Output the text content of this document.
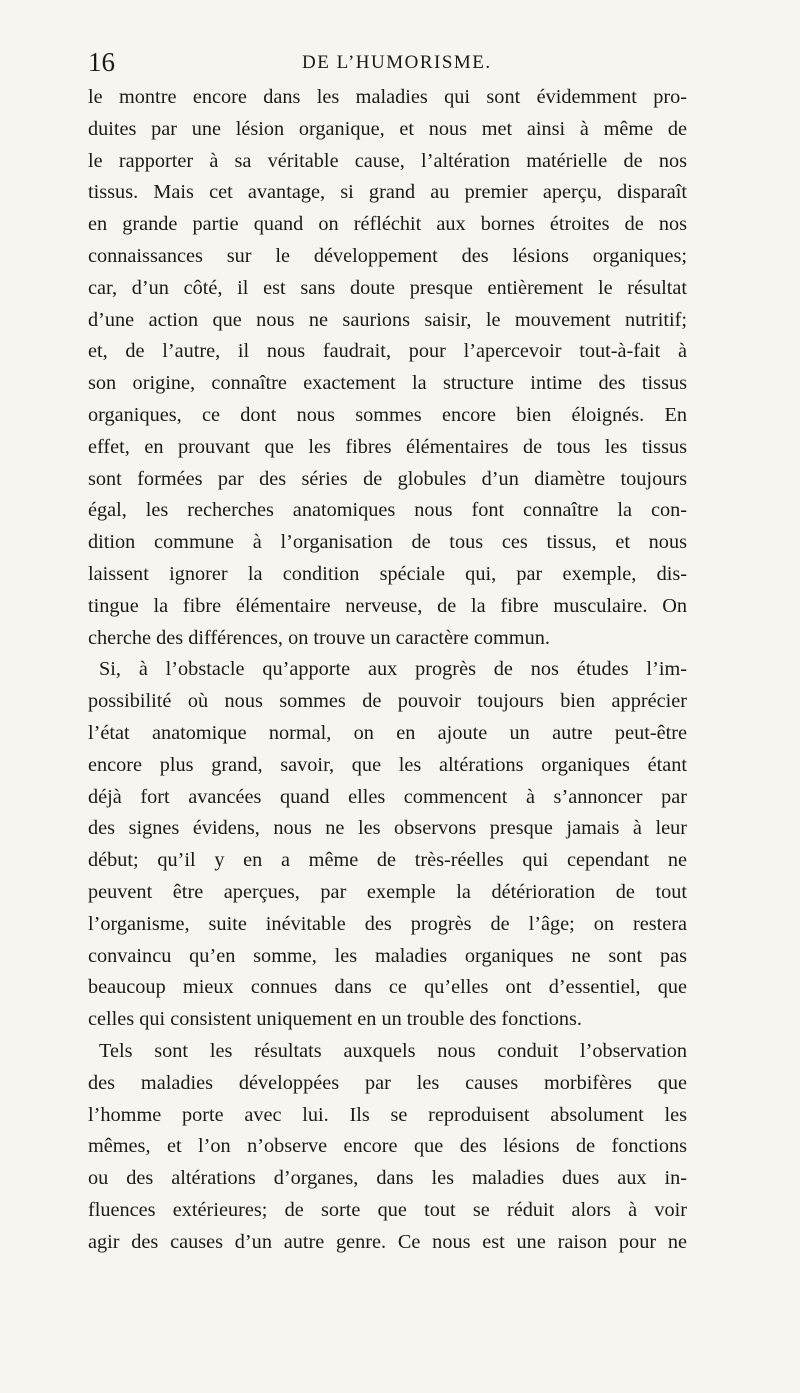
16	DE L’HUMORISME.
le montre encore dans les maladies qui sont évidemment pro-
duites par une lésion organique, et nous met ainsi à même de
le rapporter à sa véritable cause, l’altération matérielle de nos
tissus. Mais cet avantage, si grand au premier aperçu, disparaît
en grande partie quand on réfléchit aux bornes étroites de nos
connaissances sur le développement des lésions organiques;
car, d’un côté, il est sans doute presque entièrement le résultat
d’une action que nous ne saurions saisir, le mouvement nutritif;
et, de l’autre, il nous faudrait, pour l’apercevoir tout-à-fait à
son origine, connaître exactement la structure intime des tissus
organiques, ce dont nous sommes encore bien éloignés. En
effet, en prouvant que les fibres élémentaires de tous les tissus
sont formées par des séries de globules d’un diamètre toujours
égal, les recherches anatomiques nous font connaître la con-
dition commune à l’organisation de tous ces tissus, et nous
laissent ignorer la condition spéciale qui, par exemple, dis-
tingue la fibre élémentaire nerveuse, de la fibre musculaire. On
cherche des différences, on trouve un caractère commun.
Si, à l’obstacle qu’apporte aux progrès de nos études l’im-
possibilité où nous sommes de pouvoir toujours bien apprécier
l’état anatomique normal, on en ajoute un autre peut-être
encore plus grand, savoir, que les altérations organiques étant
déjà fort avancées quand elles commencent à s’annoncer par
des signes évidens, nous ne les observons presque jamais à leur
début; qu’il y en a même de très-réelles qui cependant ne
peuvent être aperçues, par exemple la détérioration de tout
l’organisme, suite inévitable des progrès de l’âge; on restera
convaincu qu’en somme, les maladies organiques ne sont pas
beaucoup mieux connues dans ce qu’elles ont d’essentiel, que
celles qui consistent uniquement en un trouble des fonctions.
Tels sont les résultats auxquels nous conduit l’observation
des maladies développées par les causes morbifères que
l’homme porte avec lui. Ils se reproduisent absolument les
mêmes, et l’on n’observe encore que des lésions de fonctions
ou des altérations d’organes, dans les maladies dues aux in-
fluences extérieures; de sorte que tout se réduit alors à voir
agir des causes d’un autre genre. Ce nous est une raison pour ne
